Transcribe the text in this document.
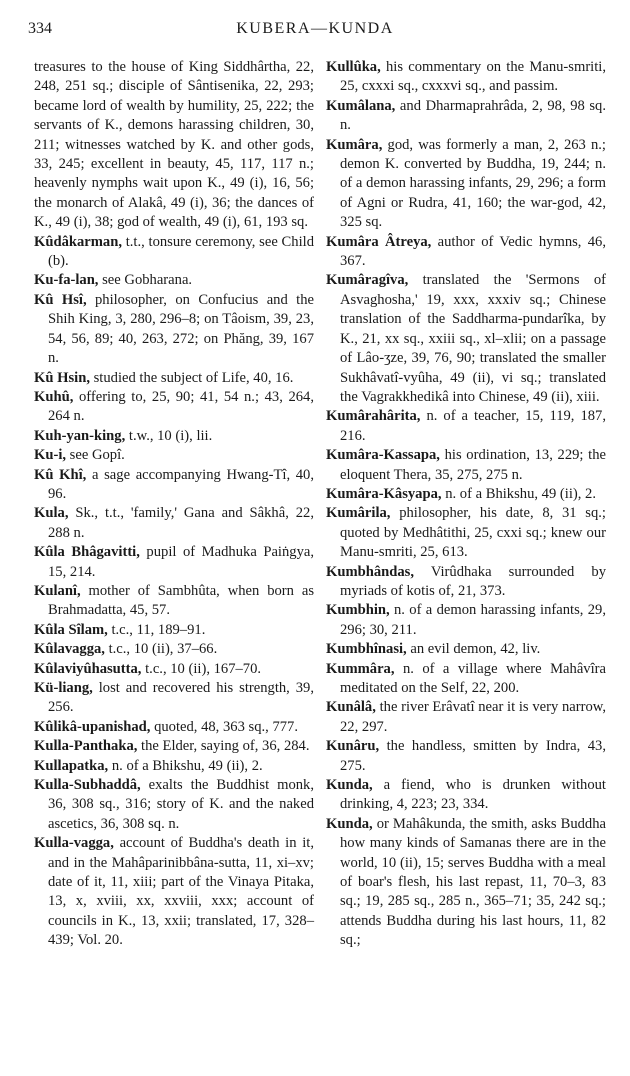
334	KUBERA—KUNDA

treasures to the house of King Siddhârtha, 22, 248, 251 sq.; disciple of Sântisenika, 22, 293; became lord of wealth by humility, 25, 222; the servants of K., demons harassing children, 30, 211; witnesses watched by K. and other gods, 33, 245; excellent in beauty, 45, 117, 117 n.; heavenly nymphs wait upon K., 49 (i), 16, 56; the monarch of Alakâ, 49 (i), 36; the dances of K., 49 (i), 38; god of wealth, 49 (i), 61, 193 sq.

Kûdâkarman, t.t., tonsure ceremony, see Child (b).

Ku-fa-lan, see Gobharana.

Kû Hsî, philosopher, on Confucius and the Shih King, 3, 280, 296–8; on Tâoism, 39, 23, 54, 56, 89; 40, 263, 272; on Phăng, 39, 167 n.

Kû Hsin, studied the subject of Life, 40, 16.

Kuhû, offering to, 25, 90; 41, 54 n.; 43, 264, 264 n.

Kuh-yan-king, t.w., 10 (i), lii.

Ku-i, see Gopî.

Kû Khî, a sage accompanying Hwang-Tî, 40, 96.

Kula, Sk., t.t., 'family,' Gana and Sâkhâ, 22, 288 n.

Kûla Bhâgavitti, pupil of Madhuka Paiṅgya, 15, 214.

Kulanî, mother of Sambhûta, when born as Brahmadatta, 45, 57.

Kûla Sîlam, t.c., 11, 189–91.

Kûlavagga, t.c., 10 (ii), 37–66.

Kûlaviyûhasutta, t.c., 10 (ii), 167–70.

Kü-liang, lost and recovered his strength, 39, 256.

Kûlikâ-upanishad, quoted, 48, 363 sq., 777.

Kulla-Panthaka, the Elder, saying of, 36, 284.

Kullapatka, n. of a Bhikshu, 49 (ii), 2.

Kulla-Subhaddâ, exalts the Buddhist monk, 36, 308 sq., 316; story of K. and the naked ascetics, 36, 308 sq. n.

Kulla-vagga, account of Buddha's death in it, and in the Mahâparinibbâna-sutta, 11, xi–xv; date of it, 11, xiii; part of the Vinaya Pitaka, 13, x, xviii, xx, xxviii, xxx; account of councils in K., 13, xxii; translated, 17, 328–439; Vol. 20.

Kullûka, his commentary on the Manu-smriti, 25, cxxxi sq., cxxxvi sq., and passim.

Kumâlana, and Dharmaprahrâda, 2, 98, 98 sq. n.

Kumâra, god, was formerly a man, 2, 263 n.; demon K. converted by Buddha, 19, 244; n. of a demon harassing infants, 29, 296; a form of Agni or Rudra, 41, 160; the war-god, 42, 325 sq.

Kumâra Âtreya, author of Vedic hymns, 46, 367.

Kumâragîva, translated the 'Sermons of Asvaghosha,' 19, xxx, xxxiv sq.; Chinese translation of the Saddharma-pundarîka, by K., 21, xx sq., xxiii sq., xl–xlii; on a passage of Lâo-ʒze, 39, 76, 90; translated the smaller Sukhâvatî-vyûha, 49 (ii), vi sq.; translated the Vagrakkhedikâ into Chinese, 49 (ii), xiii.

Kumârahârita, n. of a teacher, 15, 119, 187, 216.

Kumâra-Kassapa, his ordination, 13, 229; the eloquent Thera, 35, 275, 275 n.

Kumâra-Kâsyapa, n. of a Bhikshu, 49 (ii), 2.

Kumârila, philosopher, his date, 8, 31 sq.; quoted by Medhâtithi, 25, cxxi sq.; knew our Manu-smriti, 25, 613.

Kumbhândas, Virûdhaka surrounded by myriads of kotis of, 21, 373.

Kumbhin, n. of a demon harassing infants, 29, 296; 30, 211.

Kumbhînasi, an evil demon, 42, liv.

Kummâra, n. of a village where Mahâvîra meditated on the Self, 22, 200.

Kunâlâ, the river Erâvatî near it is very narrow, 22, 297.

Kunâru, the handless, smitten by Indra, 43, 275.

Kunda, a fiend, who is drunken without drinking, 4, 223; 23, 334.

Kunda, or Mahâkunda, the smith, asks Buddha how many kinds of Samanas there are in the world, 10 (ii), 15; serves Buddha with a meal of boar's flesh, his last repast, 11, 70–3, 83 sq.; 19, 285 sq., 285 n., 365–71; 35, 242 sq.; attends Buddha during his last hours, 11, 82 sq.;
